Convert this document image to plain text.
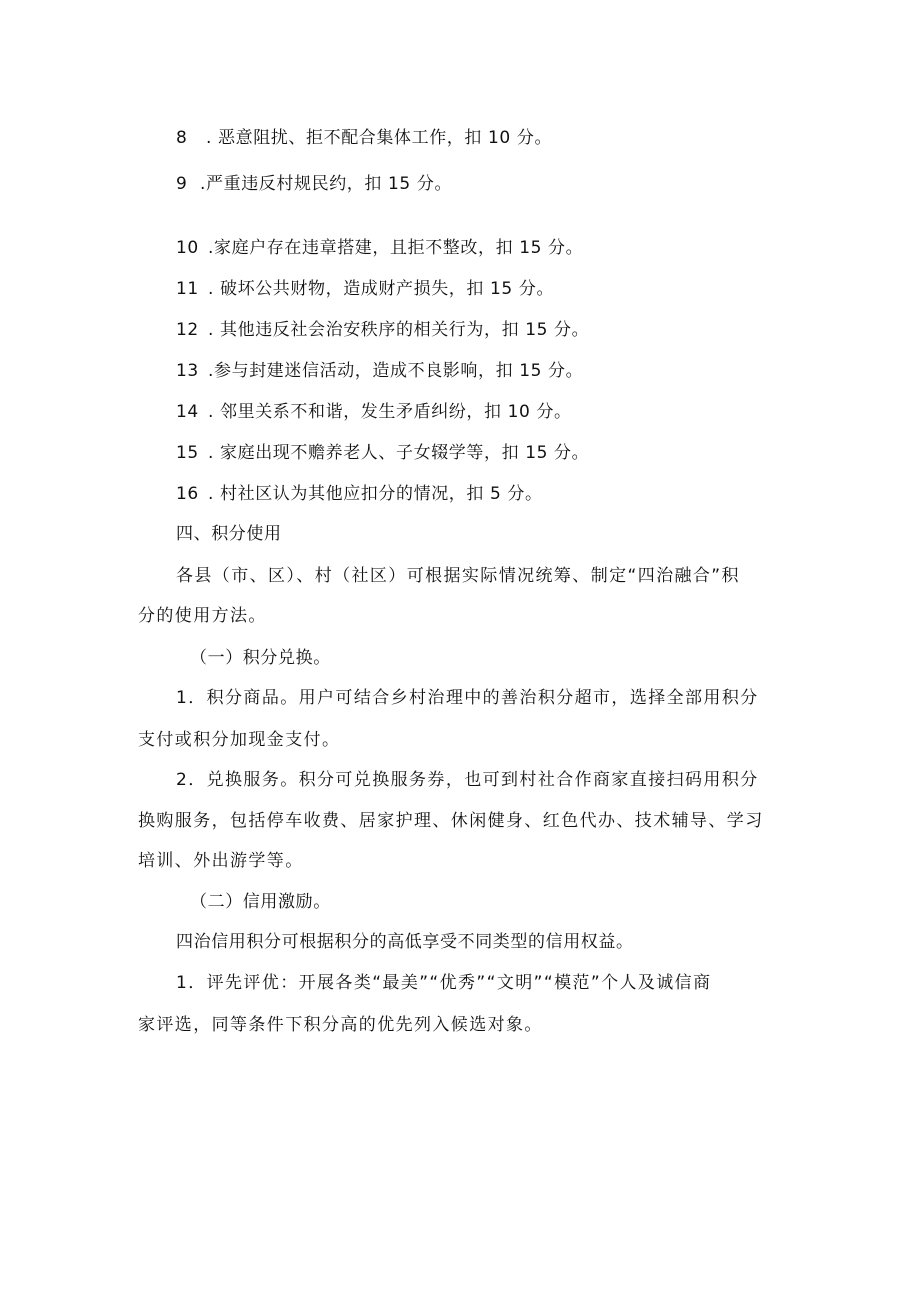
8 . 恶意阻扰、拒不配合集体工作，扣 10 分。
9 .严重违反村规民约，扣 15 分。
10 .家庭户存在违章搭建，且拒不整改，扣 15 分。
11 . 破坏公共财物，造成财产损失，扣 15 分。
12 . 其他违反社会治安秩序的相关行为，扣 15 分。
13 .参与封建迷信活动，造成不良影响，扣 15 分。
14 . 邻里关系不和谐，发生矛盾纠纷，扣 10 分。
15 . 家庭出现不赡养老人、子女辍学等，扣 15 分。
16 . 村社区认为其他应扣分的情况，扣 5 分。
四、积分使用
各县（市、区）、村（社区）可根据实际情况统筹、制定“四治融合”积
分的使用方法。
（一）积分兑换。
1．积分商品。用户可结合乡村治理中的善治积分超市，选择全部用积分
支付或积分加现金支付。
2．兑换服务。积分可兑换服务券，也可到村社合作商家直接扫码用积分
换购服务，包括停车收费、居家护理、休闲健身、红色代办、技术辅导、学习
培训、外出游学等。
（二）信用激励。
四治信用积分可根据积分的高低享受不同类型的信用权益。
1．评先评优：开展各类“最美”“优秀”“文明”“模范”个人及诚信商
家评选，同等条件下积分高的优先列入候选对象。
